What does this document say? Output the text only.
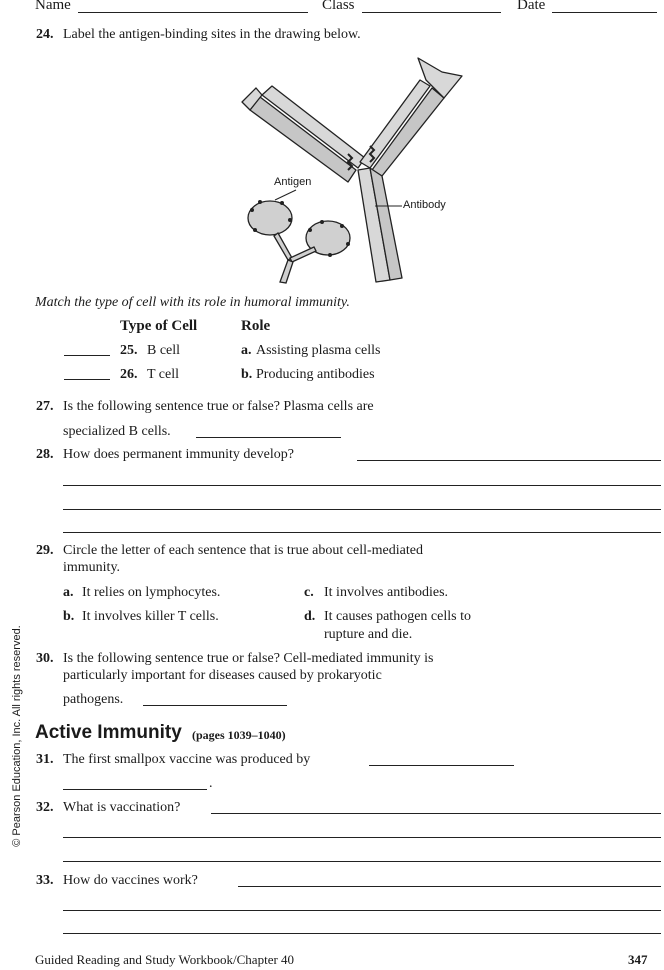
Name	Class	Date
24. Label the antigen-binding sites in the drawing below.
Antigen
Antibody
Match the type of cell with its role in humoral immunity.
Type of Cell	Role
25. B cell	a. Assisting plasma cells
26. T cell	b. Producing antibodies
27. Is the following sentence true or false? Plasma cells are
specialized B cells.
28. How does permanent immunity develop?
29. Circle the letter of each sentence that is true about cell-mediated
immunity.
a. It relies on lymphocytes.
b. It involves killer T cells.
c. It involves antibodies.
d. It causes pathogen cells to
rupture and die.
30. Is the following sentence true or false? Cell-mediated immunity is
particularly important for diseases caused by prokaryotic
pathogens.
Active Immunity (pages 1039–1040)
31. The first smallpox vaccine was produced by
.
32. What is vaccination?
33. How do vaccines work?
© Pearson Education, Inc. All rights reserved.
Guided Reading and Study Workbook/Chapter 40	347
